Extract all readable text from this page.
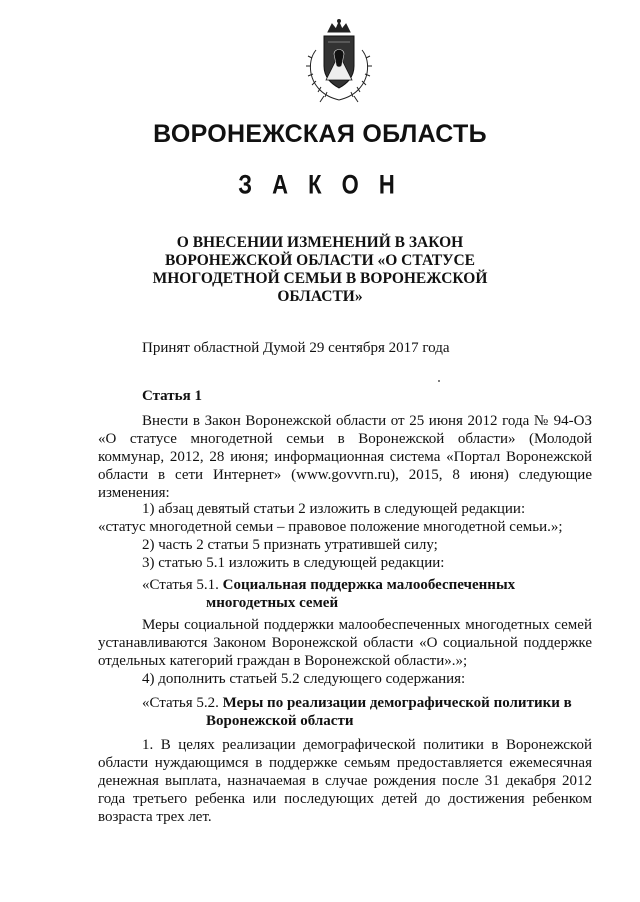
ВОРОНЕЖСКАЯ ОБЛАСТЬ
З А К О Н
О ВНЕСЕНИИ ИЗМЕНЕНИЙ В ЗАКОН
ВОРОНЕЖСКОЙ ОБЛАСТИ «О СТАТУСЕ
МНОГОДЕТНОЙ СЕМЬИ В ВОРОНЕЖСКОЙ
ОБЛАСТИ»
Принят областной Думой 29 сентября 2017 года
Статья 1
Внести в Закон Воронежской области от 25 июня 2012 года № 94-ОЗ «О статусе многодетной семьи в Воронежской области» (Молодой коммунар, 2012, 28 июня; информационная система «Портал Воронежской области в сети Интернет» (www.govvrn.ru), 2015, 8 июня) следующие изменения:
1) абзац девятый статьи 2 изложить в следующей редакции:
«статус многодетной семьи – правовое положение многодетной семьи.»;
2) часть 2 статьи 5 признать утратившей силу;
3) статью 5.1 изложить в следующей редакции:
«Статья 5.1. Социальная поддержка малообеспеченных
многодетных семей
Меры социальной поддержки малообеспеченных многодетных семей устанавливаются Законом Воронежской области «О социальной поддержке отдельных категорий граждан в Воронежской области».»;
4) дополнить статьей 5.2 следующего содержания:
«Статья 5.2. Меры по реализации демографической политики в
Воронежской области
1. В целях реализации демографической политики в Воронежской области нуждающимся в поддержке семьям предоставляется ежемесячная денежная выплата, назначаемая в случае рождения после 31 декабря 2012 года третьего ребенка или последующих детей до достижения ребенком возраста трех лет.
